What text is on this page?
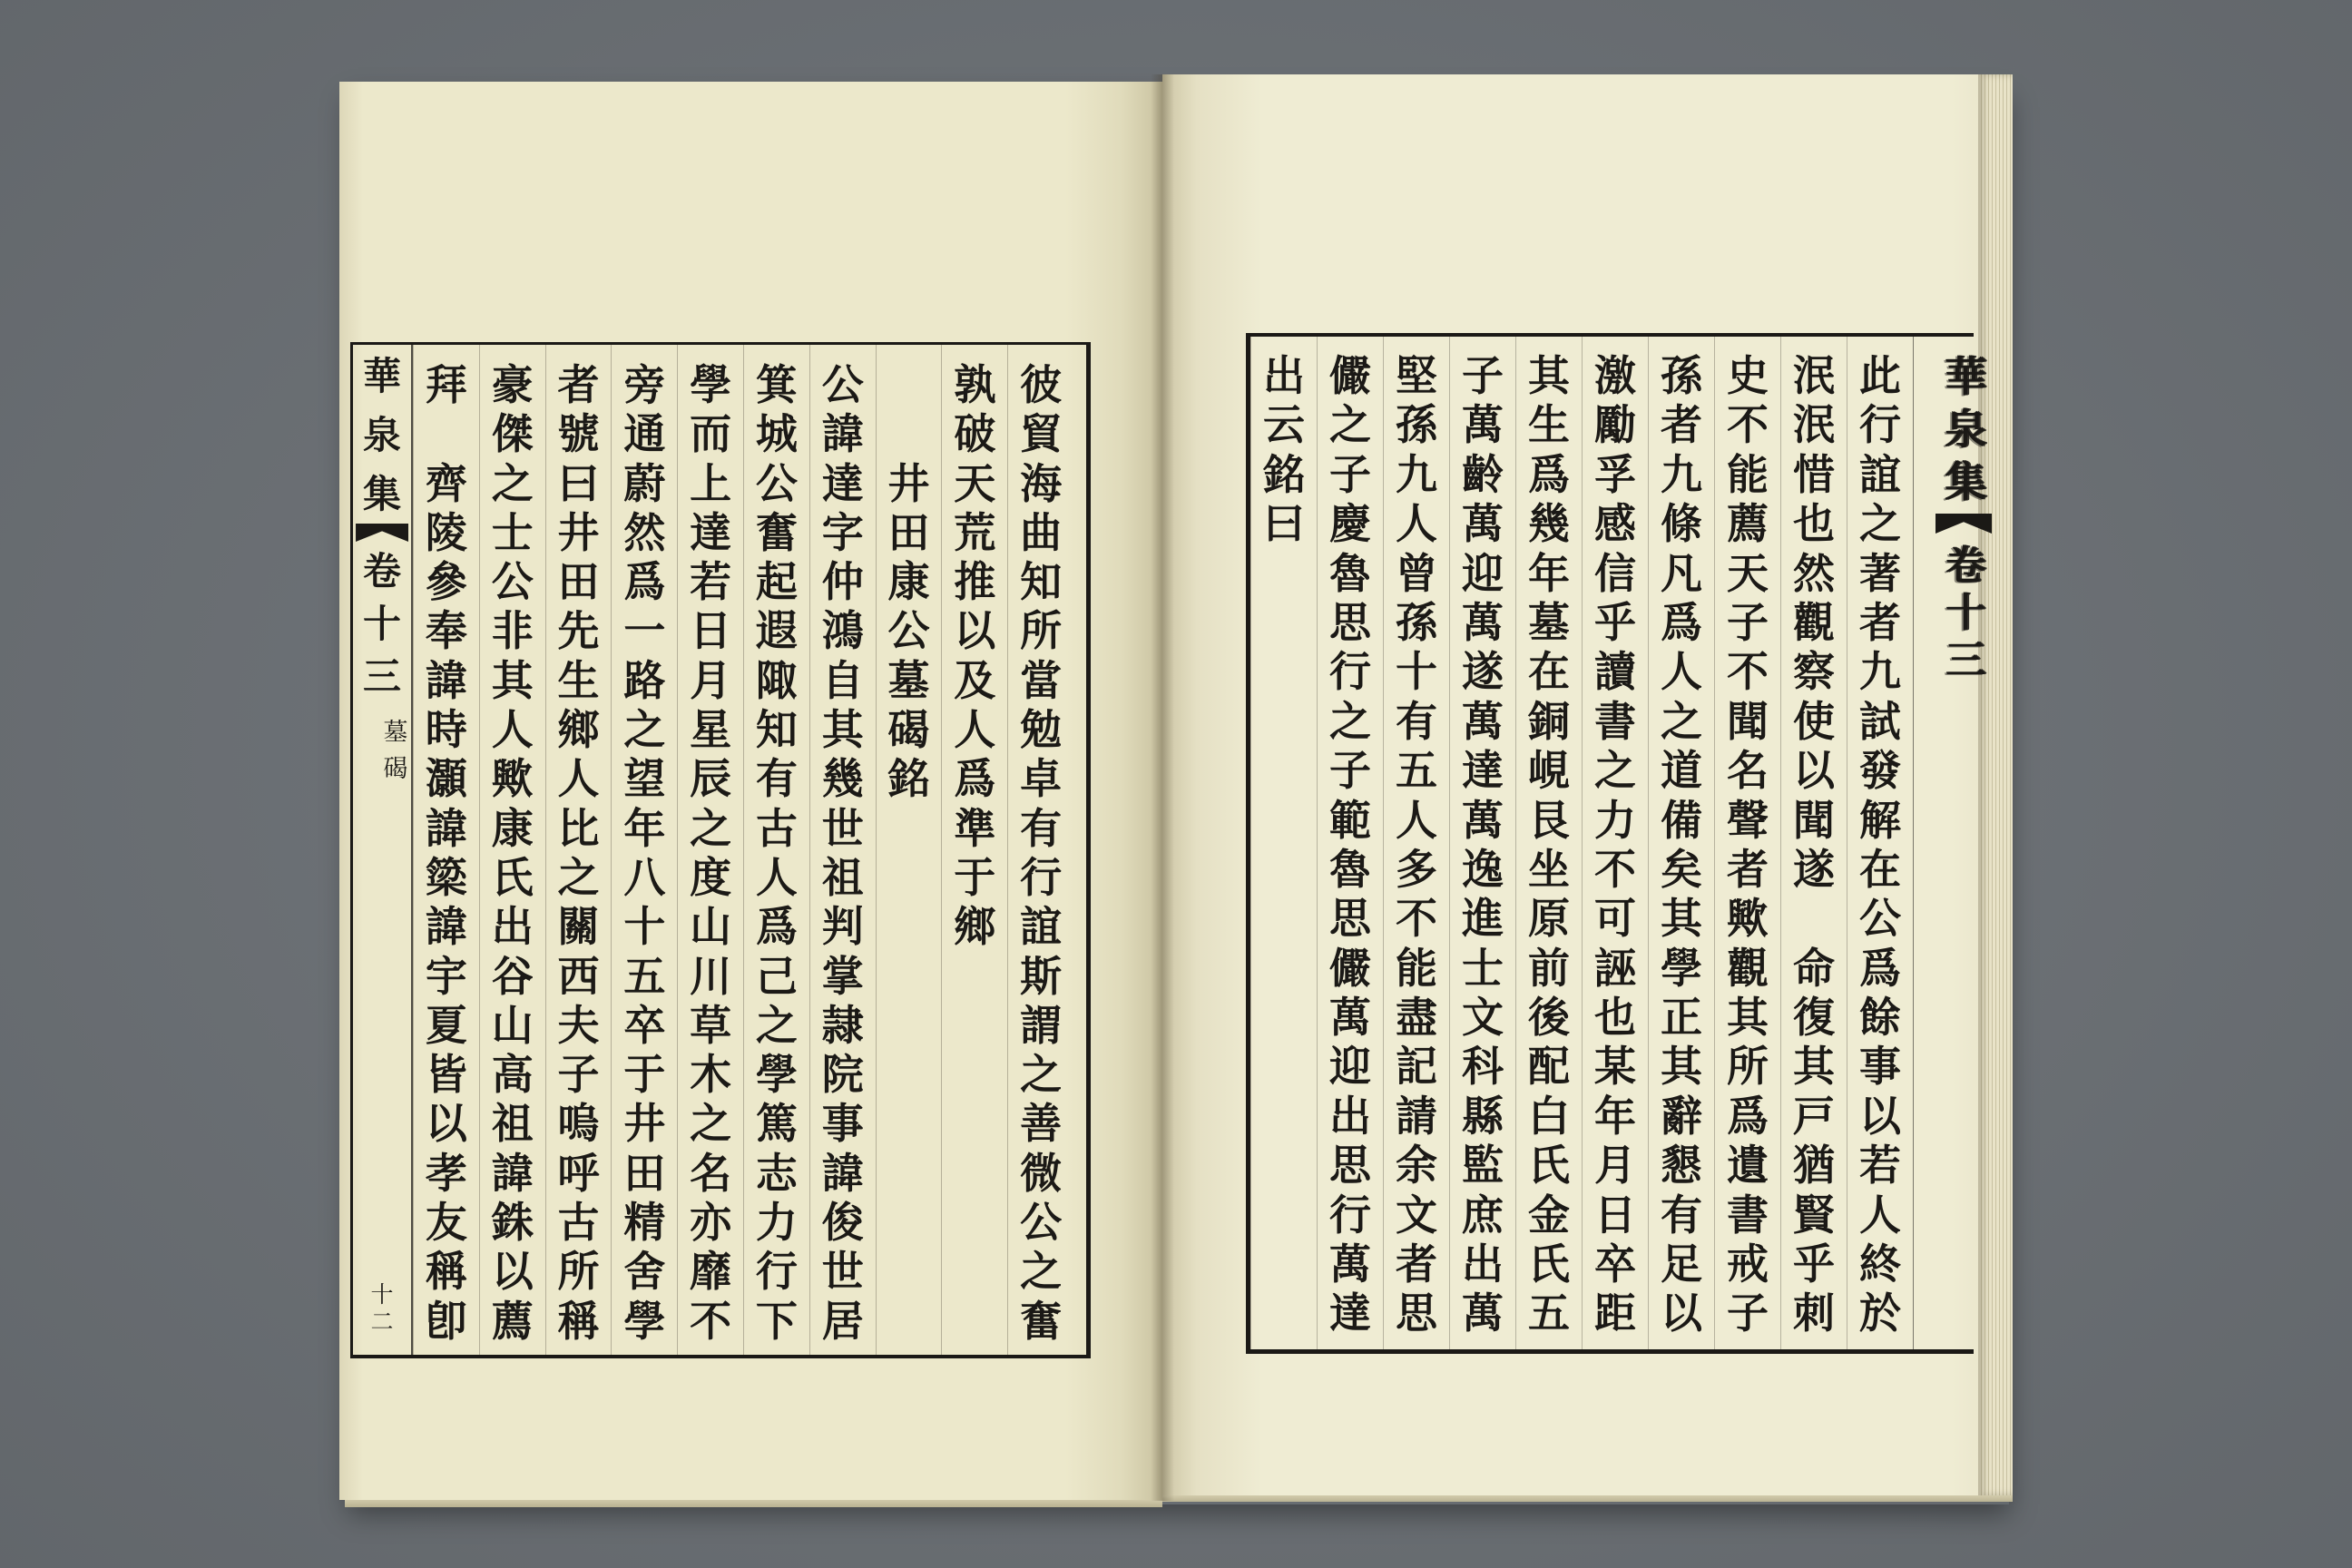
彼
貿
海
曲
知
所
當
勉
卓
有
行
誼
斯
謂
之
善
微
公
之
奮
孰
破
天
荒
推
以
及
人
爲
準
于
鄉
井
田
康
公
墓
碣
銘
公
諱
達
字
仲
鴻
自
其
幾
世
祖
判
掌
隷
院
事
諱
俊
世
居
箕
城
公
奮
起
遐
陬
知
有
古
人
爲
己
之
學
篤
志
力
行
下
學
而
上
達
若
日
月
星
辰
之
度
山
川
草
木
之
名
亦
靡
不
旁
通
蔚
然
爲
一
路
之
望
年
八
十
五
卒
于
井
田
精
舍
學
者
號
曰
井
田
先
生
鄉
人
比
之
關
西
夫
子
嗚
呼
古
所
稱
豪
傑
之
士
公
非
其
人
歟
康
氏
出
谷
山
高
祖
諱
銖
以
薦
拜

齊
陵
參
奉
諱
時
灝
諱
簗
諱
宇
夏
皆
以
孝
友
稱
卽
華
泉
集
卷
十
三
墓
碣
十
二
華
泉
集
卷
十
三
此
行
誼
之
著
者
九
試
發
解
在
公
爲
餘
事
以
若
人
終
於
泯
泯
惜
也
然
觀
察
使
以
聞
遂

命
復
其
戸
猶
賢
乎
刺
史
不
能
薦
天
子
不
聞
名
聲
者
歟
觀
其
所
爲
遺
書
戒
子
孫
者
九
條
凡
爲
人
之
道
備
矣
其
學
正
其
辭
懇
有
足
以
激
勵
孚
感
信
乎
讀
書
之
力
不
可
誣
也
某
年
月
日
卒
距
其
生
爲
幾
年
墓
在
銅
峴
艮
坐
原
前
後
配
白
氏
金
氏
五
子
萬
齡
萬
迎
萬
遂
萬
達
萬
逸
進
士
文
科
縣
監
庶
出
萬
堅
孫
九
人
曾
孫
十
有
五
人
多
不
能
盡
記
請
余
文
者
思
儼
之
子
慶
魯
思
行
之
子
範
魯
思
儼
萬
迎
出
思
行
萬
達
出
云
銘
曰
